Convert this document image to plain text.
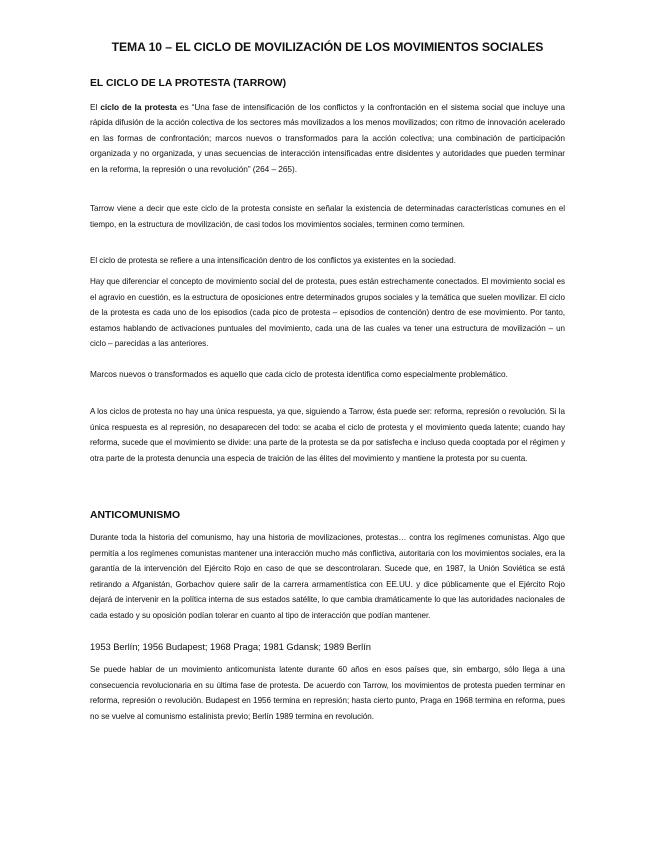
TEMA 10 – EL CICLO DE MOVILIZACIÓN DE LOS MOVIMIENTOS SOCIALES
EL CICLO DE LA PROTESTA (TARROW)

El ciclo de la protesta es “Una fase de intensificación de los conflictos y la confrontación en el sistema social que incluye una rápida difusión de la acción colectiva de los sectores más movilizados a los menos movilizados; con ritmo de innovación acelerado en las formas de confrontación; marcos nuevos o transformados para la acción colectiva; una combinación de participación organizada y no organizada, y unas secuencias de interacción intensificadas entre disidentes y autoridades que pueden terminar en la reforma, la represión o una revolución” (264 – 265).

Tarrow viene a decir que este ciclo de la protesta consiste en señalar la existencia de determinadas características comunes en el tiempo, en la estructura de movilización, de casi todos los movimientos sociales, terminen como terminen.

El ciclo de protesta se refiere a una intensificación dentro de los conflictos ya existentes en la sociedad.

Hay que diferenciar el concepto de movimiento social del de protesta, pues están estrechamente conectados. El movimiento social es el agravio en cuestión, es la estructura de oposiciones entre determinados grupos sociales y la temática que suelen movilizar. El ciclo de la protesta es cada uno de los episodios (cada pico de protesta – episodios de contención) dentro de ese movimiento. Por tanto, estamos hablando de activaciones puntuales del movimiento, cada una de las cuales va tener una estructura de movilización – un ciclo – parecidas a las anteriores.

Marcos nuevos o transformados es aquello que cada ciclo de protesta identifica como especialmente problemático.

A los ciclos de protesta no hay una única respuesta, ya que, siguiendo a Tarrow, ésta puede ser: reforma, represión o revolución. Si la única respuesta es al represión, no desaparecen del todo: se acaba el ciclo de protesta y el movimiento queda latente; cuando hay reforma, sucede que el movimiento se divide: una parte de la protesta se da por satisfecha e incluso queda cooptada por el régimen y otra parte de la protesta denuncia una especia de traición de las élites del movimiento y mantiene la protesta por su cuenta.

ANTICOMUNISMO

Durante toda la historia del comunismo, hay una historia de movilizaciones, protestas… contra los regímenes comunistas. Algo que permitía a los regímenes comunistas mantener una interacción mucho más conflictiva, autoritaria con los movimientos sociales, era la garantía de la intervención del Ejército Rojo en caso de que se descontrolaran. Sucede que, en 1987, la Unión Soviética se está retirando a Afganistán, Gorbachov quiere salir de la carrera armamentística con EE.UU. y dice públicamente que el Ejército Rojo dejará de intervenir en la política interna de sus estados satélite, lo que cambia dramáticamente lo que las autoridades nacionales de cada estado y su oposición podían tolerar en cuanto al tipo de interacción que podían mantener.

1953 Berlín; 1956 Budapest; 1968 Praga; 1981 Gdansk; 1989 Berlín

Se puede hablar de un movimiento anticomunista latente durante 60 años en esos países que, sin embargo, sólo llega a una consecuencia revolucionaria en su última fase de protesta. De acuerdo con Tarrow, los movimientos de protesta pueden terminar en reforma, represión o revolución. Budapest en 1956 termina en represión; hasta cierto punto, Praga en 1968 termina en reforma, pues no se vuelve al comunismo estalinista previo; Berlín 1989 termina en revolución.
